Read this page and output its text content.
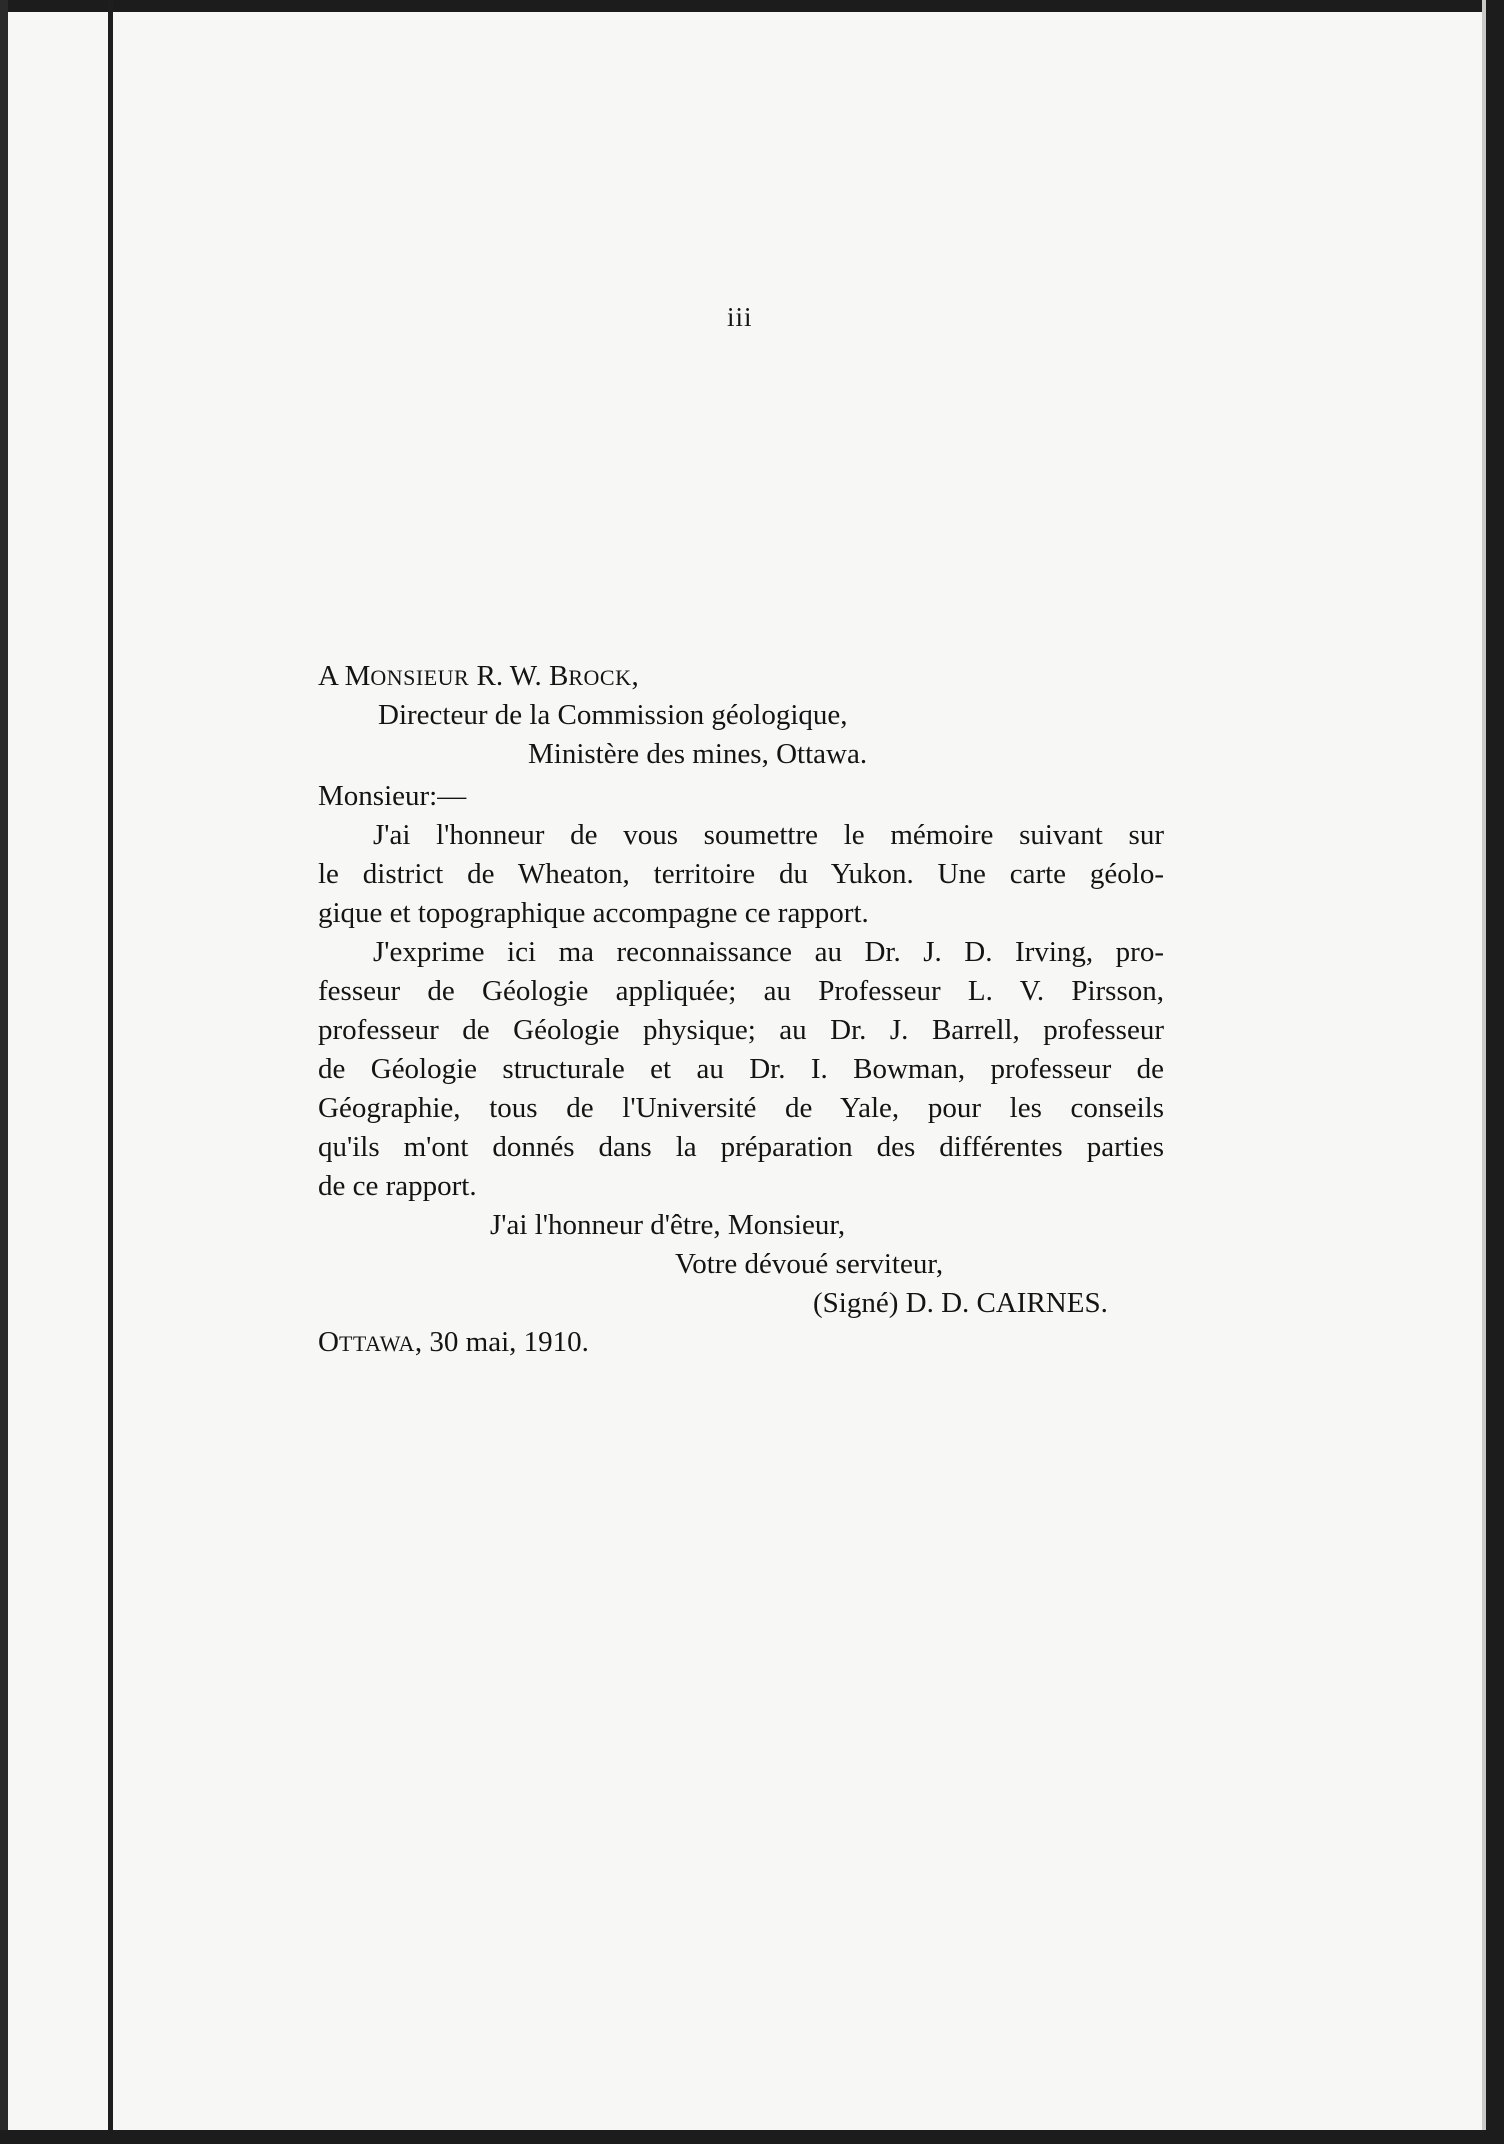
iii
A MONSIEUR R. W. BROCK,
Directeur de la Commission géologique,
Ministère des mines, Ottawa.
Monsieur:—
J'ai l'honneur de vous soumettre le mémoire suivant sur
le district de Wheaton, territoire du Yukon. Une carte géolo-
gique et topographique accompagne ce rapport.
J'exprime ici ma reconnaissance au Dr. J. D. Irving, pro-
fesseur de Géologie appliquée; au Professeur L. V. Pirsson,
professeur de Géologie physique; au Dr. J. Barrell, professeur
de Géologie structurale et au Dr. I. Bowman, professeur de
Géographie, tous de l'Université de Yale, pour les conseils
qu'ils m'ont donnés dans la préparation des différentes parties
de ce rapport.
J'ai l'honneur d'être, Monsieur,
Votre dévoué serviteur,
(Signé) D. D. CAIRNES.
OTTAWA, 30 mai, 1910.
